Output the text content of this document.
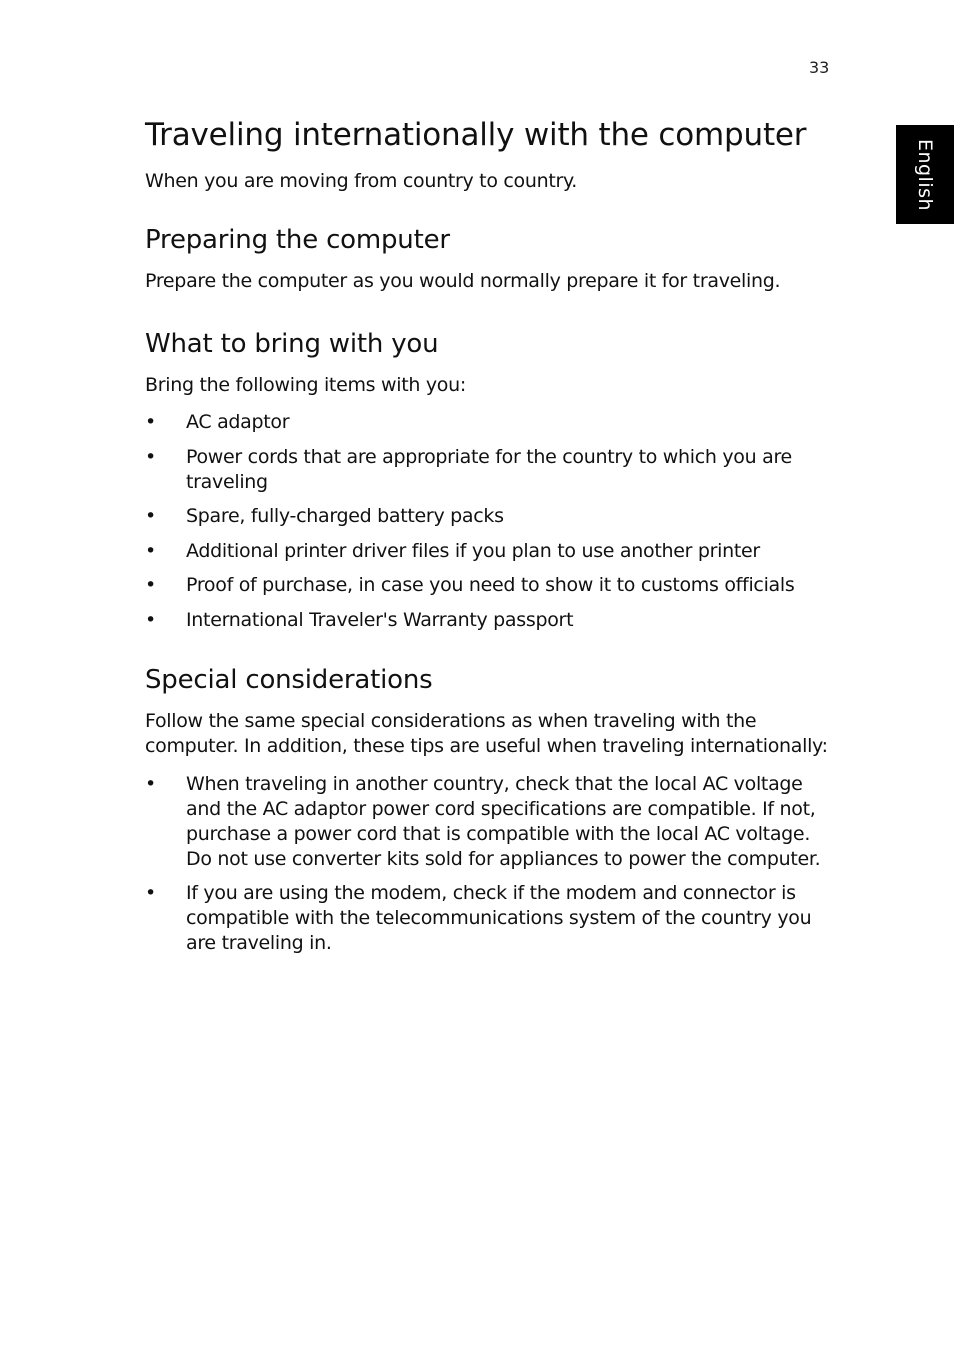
33
English
Traveling internationally with the computer

When you are moving from country to country.

Preparing the computer

Prepare the computer as you would normally prepare it for traveling.

What to bring with you

Bring the following items with you:

• AC adaptor
• Power cords that are appropriate for the country to which you are traveling
• Spare, fully-charged battery packs
• Additional printer driver files if you plan to use another printer
• Proof of purchase, in case you need to show it to customs officials
• International Traveler's Warranty passport
Special considerations

Follow the same special considerations as when traveling with the computer. In addition, these tips are useful when traveling internationally:

• When traveling in another country, check that the local AC voltage and the AC adaptor power cord specifications are compatible. If not, purchase a power cord that is compatible with the local AC voltage. Do not use converter kits sold for appliances to power the computer.
• If you are using the modem, check if the modem and connector is compatible with the telecommunications system of the country you are traveling in.
